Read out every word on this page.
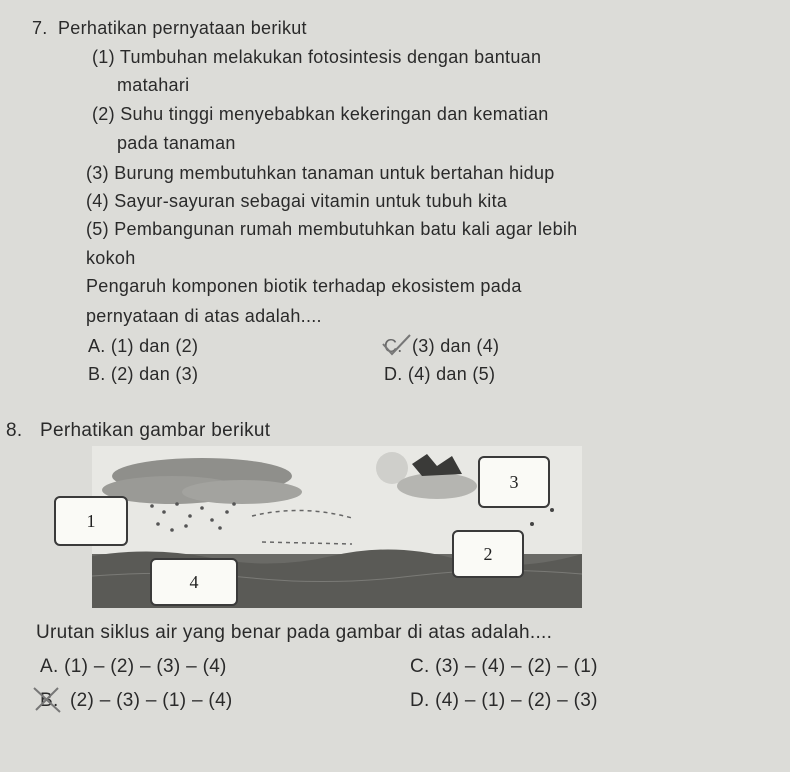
7. Perhatikan pernyataan berikut
(1) Tumbuhan melakukan fotosintesis dengan bantuan
matahari
(2) Suhu tinggi menyebabkan kekeringan dan kematian
pada tanaman
(3) Burung membutuhkan tanaman untuk bertahan hidup
(4) Sayur-sayuran sebagai vitamin untuk tubuh kita
(5) Pembangunan rumah membutuhkan batu kali agar lebih
kokoh
Pengaruh komponen biotik terhadap ekosistem pada
pernyataan di atas adalah....
A. (1) dan (2)	C. (3) dan (4)
B. (2) dan (3)	D. (4) dan (5)
8. Perhatikan gambar berikut
1
2
3
4
Urutan siklus air yang benar pada gambar di atas adalah....
A. (1) – (2) – (3) – (4)	C. (3) – (4) – (2) – (1)
B. (2) – (3) – (1) – (4)	D. (4) – (1) – (2) – (3)
